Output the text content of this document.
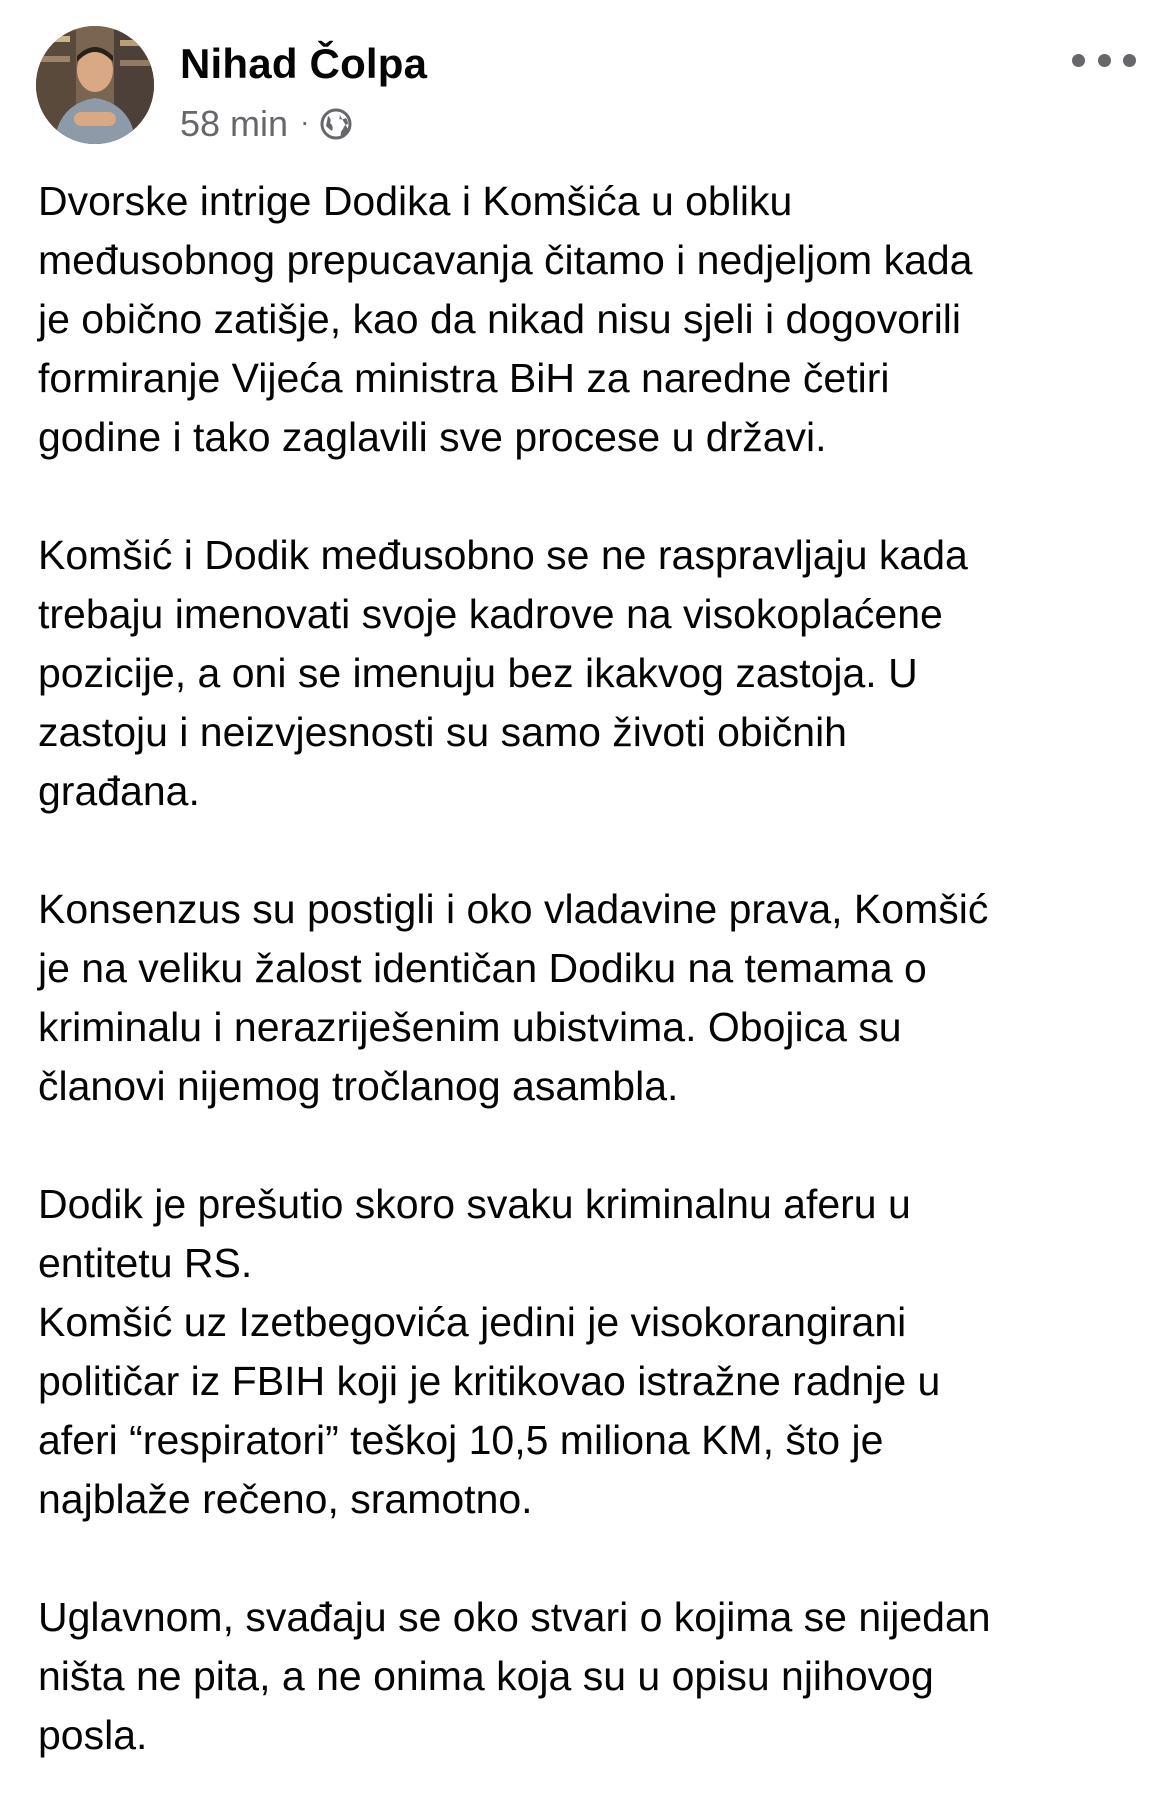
Nihad Čolpa
58 min ·

Dvorske intrige Dodika i Komšića u obliku
međusobnog prepucavanja čitamo i nedjeljom kada
je obično zatišje, kao da nikad nisu sjeli i dogovorili
formiranje Vijeća ministra BiH za naredne četiri
godine i tako zaglavili sve procese u državi.

Komšić i Dodik međusobno se ne raspravljaju kada
trebaju imenovati svoje kadrove na visokoplaćene
pozicije, a oni se imenuju bez ikakvog zastoja. U
zastoju i neizvjesnosti su samo životi običnih
građana.

Konsenzus su postigli i oko vladavine prava, Komšić
je na veliku žalost identičan Dodiku na temama o
kriminalu i nerazriješenim ubistvima. Obojica su
članovi nijemog tročlanog asambla.

Dodik je prešutio skoro svaku kriminalnu aferu u
entitetu RS.
Komšić uz Izetbegovića jedini je visokorangirani
političar iz FBIH koji je kritikovao istražne radnje u
aferi “respiratori” teškoj 10,5 miliona KM, što je
najblaže rečeno, sramotno.

Uglavnom, svađaju se oko stvari o kojima se nijedan
ništa ne pita, a ne onima koja su u opisu njihovog
posla.
